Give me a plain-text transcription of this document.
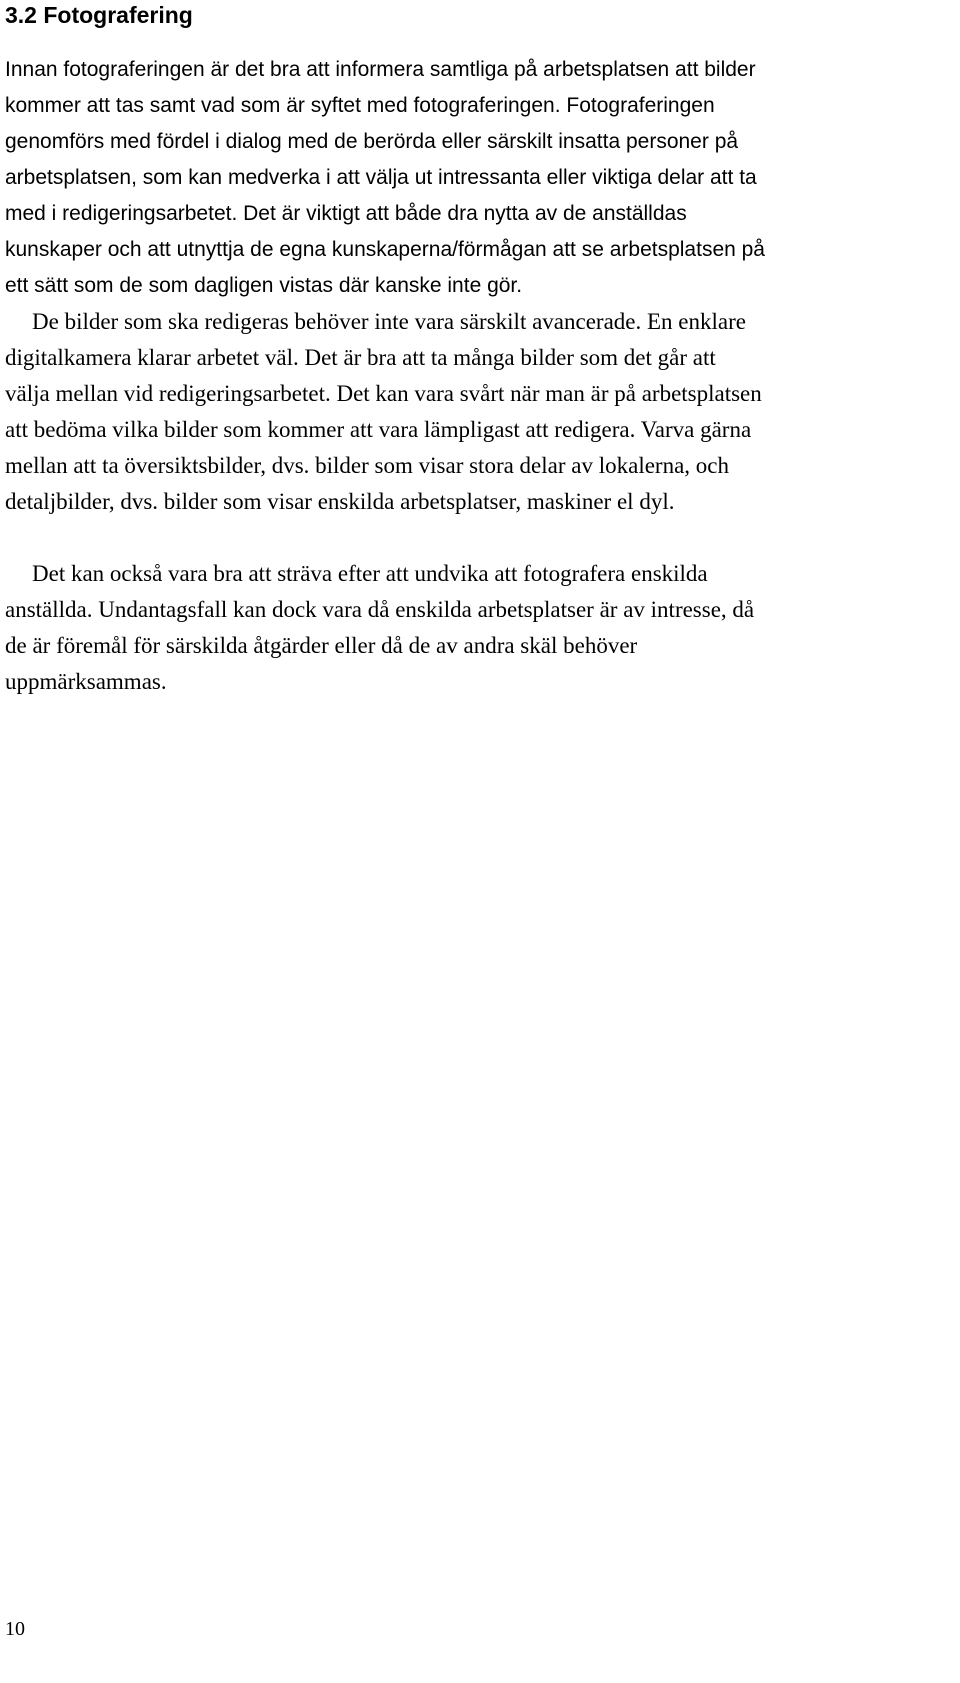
3.2 Fotografering

Innan fotograferingen är det bra att informera samtliga på arbetsplatsen att bilder

kommer att tas samt vad som är syftet med fotograferingen. Fotograferingen

genomförs med fördel i dialog med de berörda eller särskilt insatta personer på

arbetsplatsen, som kan medverka i att välja ut intressanta eller viktiga delar att ta

med i redigeringsarbetet. Det är viktigt att både dra nytta av de anställdas

kunskaper och att utnyttja de egna kunskaperna/förmågan att se arbetsplatsen på

ett sätt som de som dagligen vistas där kanske inte gör.

De bilder som ska redigeras behöver inte vara särskilt avancerade. En enklare

digitalkamera klarar arbetet väl. Det är bra att ta många bilder som det går att

välja mellan vid redigeringsarbetet. Det kan vara svårt när man är på arbetsplatsen

att bedöma vilka bilder som kommer att vara lämpligast att redigera. Varva gärna

mellan att ta översiktsbilder, dvs. bilder som visar stora delar av lokalerna, och

detaljbilder, dvs. bilder som visar enskilda arbetsplatser, maskiner el dyl.

Det kan också vara bra att sträva efter att undvika att fotografera enskilda

anställda. Undantagsfall kan dock vara då enskilda arbetsplatser är av intresse, då

de är föremål för särskilda åtgärder eller då de av andra skäl behöver

uppmärksammas.

10
